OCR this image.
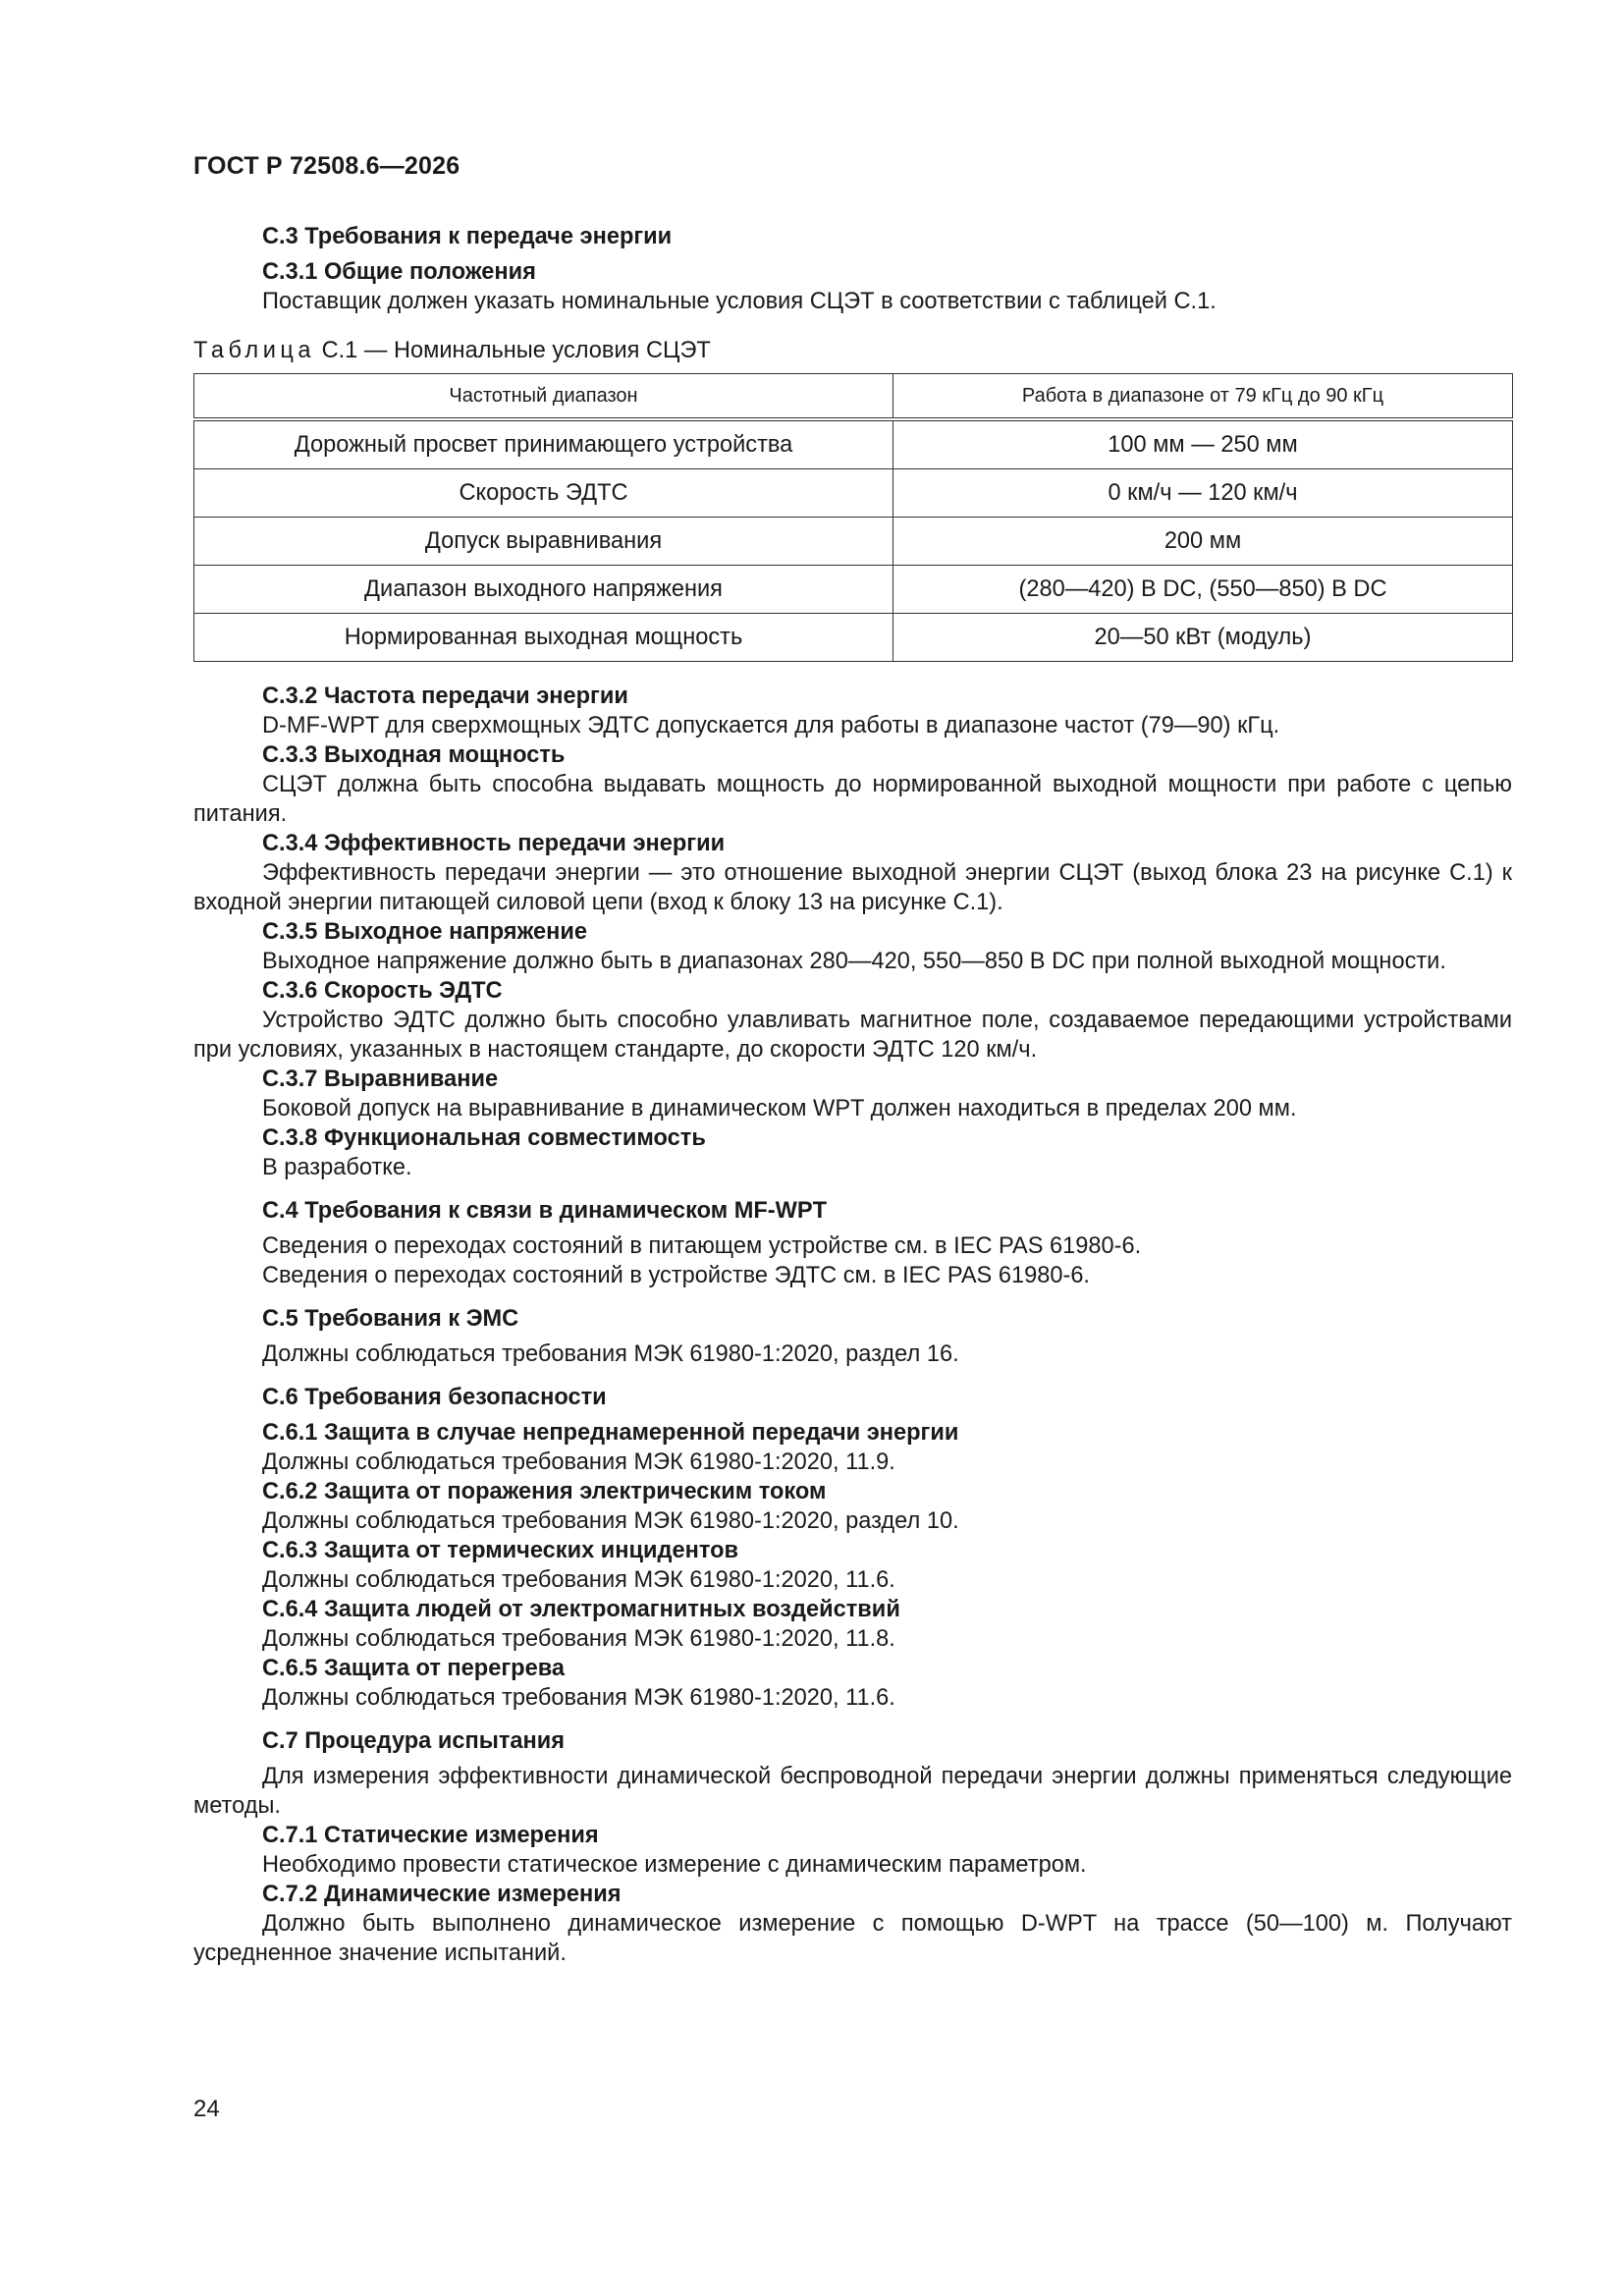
ГОСТ Р 72508.6—2026
С.3 Требования к передаче энергии
С.3.1 Общие положения
Поставщик должен указать номинальные условия СЦЭТ в соответствии с таблицей С.1.
Таблица С.1 — Номинальные условия СЦЭТ
Частотный диапазон	Работа в диапазоне от 79 кГц до 90 кГц
Дорожный просвет принимающего устройства	100 мм — 250 мм
Скорость ЭДТС	0 км/ч — 120 км/ч
Допуск выравнивания	200 мм
Диапазон выходного напряжения	(280—420) В DC, (550—850) В DC
Нормированная выходная мощность	20—50 кВт (модуль)
С.3.2 Частота передачи энергии
D-MF-WPT для сверхмощных ЭДТС допускается для работы в диапазоне частот (79—90) кГц.
С.3.3 Выходная мощность
СЦЭТ должна быть способна выдавать мощность до нормированной выходной мощности при работе с цепью питания.
С.3.4 Эффективность передачи энергии
Эффективность передачи энергии — это отношение выходной энергии СЦЭТ (выход блока 23 на рисунке С.1) к входной энергии питающей силовой цепи (вход к блоку 13 на рисунке С.1).
С.3.5 Выходное напряжение
Выходное напряжение должно быть в диапазонах 280—420, 550—850 В DC при полной выходной мощности.
С.3.6 Скорость ЭДТС
Устройство ЭДТС должно быть способно улавливать магнитное поле, создаваемое передающими устройствами при условиях, указанных в настоящем стандарте, до скорости ЭДТС 120 км/ч.
С.3.7 Выравнивание
Боковой допуск на выравнивание в динамическом WPT должен находиться в пределах 200 мм.
С.3.8 Функциональная совместимость
В разработке.
С.4 Требования к связи в динамическом MF-WPT
Сведения о переходах состояний в питающем устройстве см. в IEC PAS 61980-6.
Сведения о переходах состояний в устройстве ЭДТС см. в IEC PAS 61980-6.
С.5 Требования к ЭМС
Должны соблюдаться требования МЭК 61980-1:2020, раздел 16.
С.6 Требования безопасности
С.6.1 Защита в случае непреднамеренной передачи энергии
Должны соблюдаться требования МЭК 61980-1:2020, 11.9.
С.6.2 Защита от поражения электрическим током
Должны соблюдаться требования МЭК 61980-1:2020, раздел 10.
С.6.3 Защита от термических инцидентов
Должны соблюдаться требования МЭК 61980-1:2020, 11.6.
С.6.4 Защита людей от электромагнитных воздействий
Должны соблюдаться требования МЭК 61980-1:2020, 11.8.
С.6.5 Защита от перегрева
Должны соблюдаться требования МЭК 61980-1:2020, 11.6.
С.7 Процедура испытания
Для измерения эффективности динамической беспроводной передачи энергии должны применяться следующие методы.
С.7.1 Статические измерения
Необходимо провести статическое измерение с динамическим параметром.
С.7.2 Динамические измерения
Должно быть выполнено динамическое измерение с помощью D-WPT на трассе (50—100) м. Получают усредненное значение испытаний.
24
